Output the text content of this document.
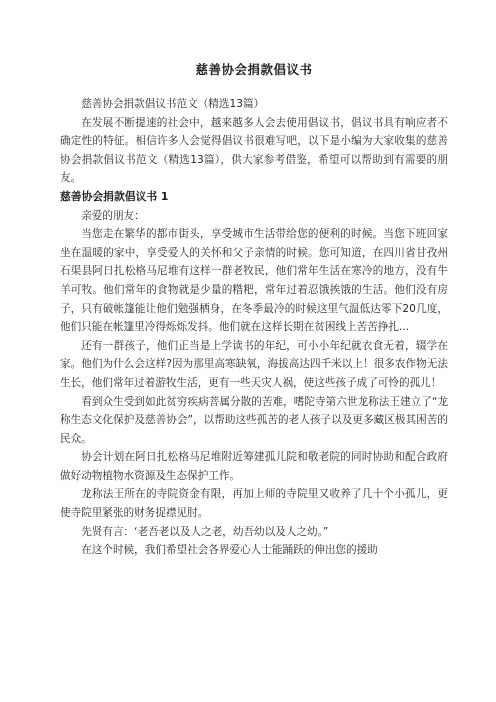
慈善协会捐款倡议书

慈善协会捐款倡议书范文（精选13篇）

在发展不断提速的社会中，越来越多人会去使用倡议书，倡议书具有响应者不确定性的特征。相信许多人会觉得倡议书很难写吧，以下是小编为大家收集的慈善协会捐款倡议书范文（精选13篇），供大家参考借鉴，希望可以帮助到有需要的朋友。

慈善协会捐款倡议书 1

亲爱的朋友：

当您走在繁华的都市街头，享受城市生活带给您的便利的时候。当您下班回家坐在温暖的家中，享受爱人的关怀和父子亲情的时候。您可知道，在四川省甘孜州石渠县阿日扎松格马尼堆有这样一群老牧民，他们常年生活在寒冷的地方，没有牛羊可牧。他们常年的食物就是少量的糌粑，常年过着忍饿挨饿的生活。他们没有房子，只有破帐篷能让他们勉强栖身，在冬季最冷的时候这里气温低达零下20几度，他们只能在帐篷里冷得烁烁发抖。他们就在这样长期在贫困线上苦苦挣扎...

还有一群孩子，他们正当是上学读书的年纪，可小小年纪就衣食无着，辍学在家。他们为什么会这样?因为那里高寒缺氧，海拔高达四千米以上！很多农作物无法生长，他们常年过着游牧生活，更有一些天灾人祸，使这些孩子成了可怜的孤儿！

看到众生受到如此贫穷疾病菩属分散的苦难，嗜陀寺第六世龙称法王建立了“龙称生态文化保护及慈善协会”，以帮助这些孤苦的老人孩子以及更多藏区极其困苦的民众。

协会计划在阿日扎松格马尼堆附近筹建孤儿院和敬老院的同时协助和配合政府做好动物植物水资源及生态保护工作。

龙称法王所在的寺院资金有限，再加上师的寺院里又收养了几十个小孤儿，更使寺院里紧张的财务捉襟见肘。

先贤有言：‘老吾老以及人之老，幼吾幼以及人之幼。”

在这个时候，我们希望社会各界爱心人士能踊跃的伸出您的援助
